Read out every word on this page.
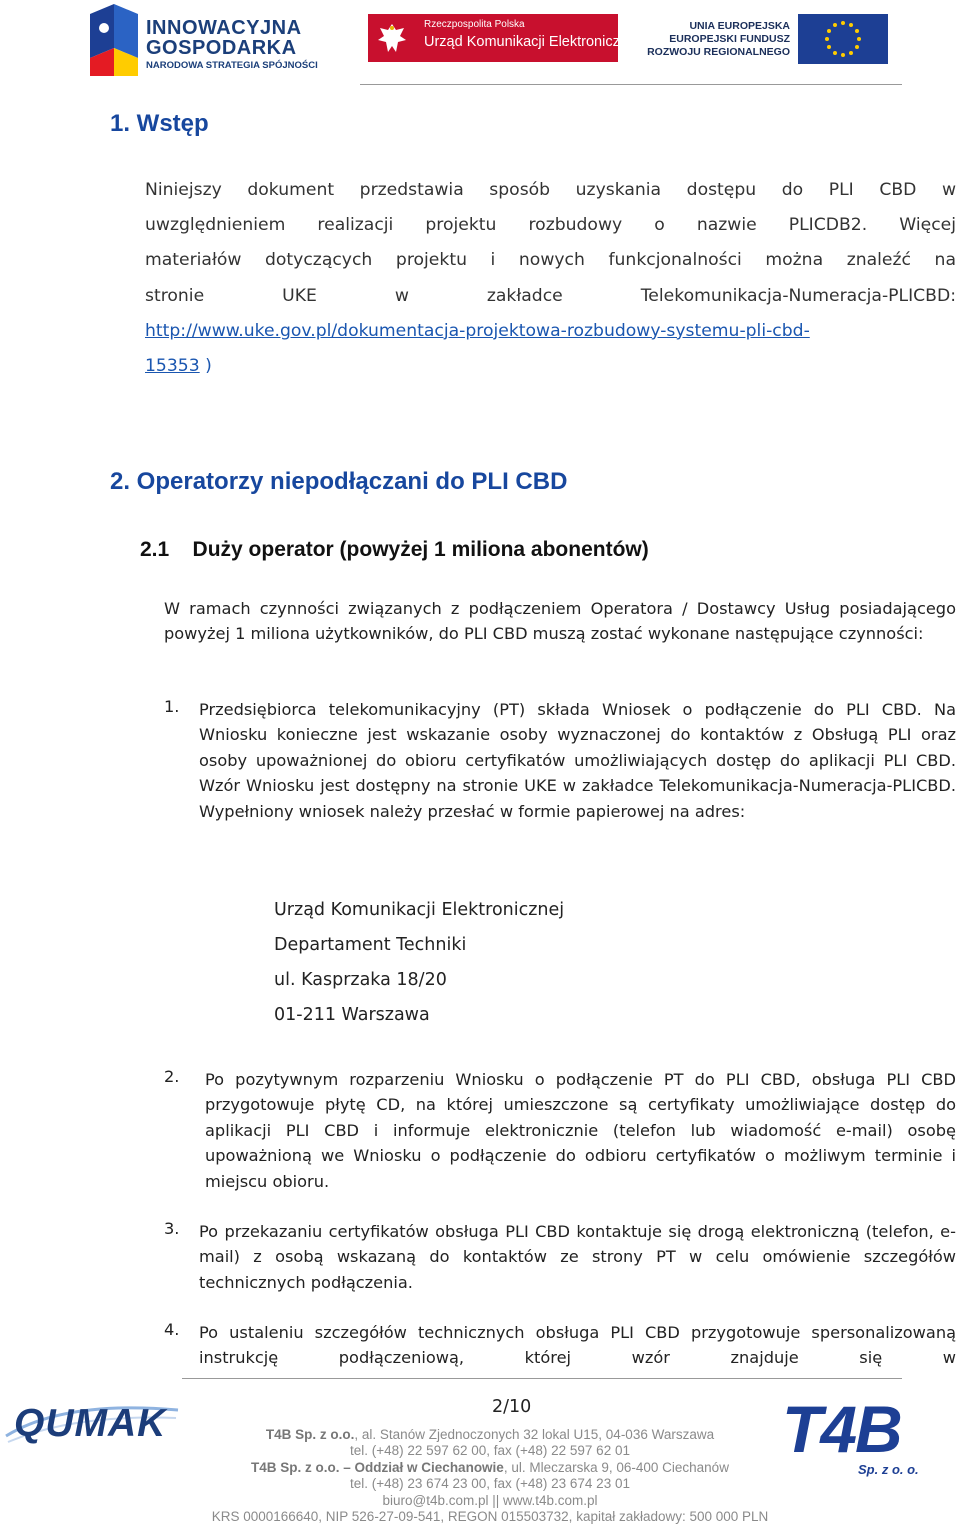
INNOWACYJNA
GOSPODARKA
NARODOWA STRATEGIA SPÓJNOŚCI
Rzeczpospolita Polska
Urząd Komunikacji Elektronicznej
UNIA EUROPEJSKA
EUROPEJSKI FUNDUSZ
ROZWOJU REGIONALNEGO
1. Wstęp
Niniejszy dokument przedstawia sposób uzyskania dostępu do PLI CBD w
uwzględnieniem realizacji projektu rozbudowy o nazwie PLICDB2. Więcej
materiałów dotyczących projektu i nowych funkcjonalności można znaleźć na
stronie UKE w zakładce Telekomunikacja-Numeracja-PLICBD:
http://www.uke.gov.pl/dokumentacja-projektowa-rozbudowy-systemu-pli-cbd-
15353 )
2. Operatorzy niepodłączani do PLI CBD
2.1    Duży operator (powyżej 1 miliona abonentów)
W ramach czynności związanych z podłączeniem Operatora / Dostawcy Usług posiadającego powyżej 1 miliona użytkowników, do PLI CBD muszą zostać wykonane następujące czynności:
1. Przedsiębiorca telekomunikacyjny (PT) składa Wniosek o podłączenie do PLI CBD. Na Wniosku konieczne jest wskazanie osoby wyznaczonej do kontaktów z Obsługą PLI oraz osoby upoważnionej do obioru certyfikatów umożliwiających dostęp do aplikacji PLI CBD. Wzór Wniosku jest dostępny na stronie UKE w zakładce Telekomunikacja-Numeracja-PLICBD. Wypełniony wniosek należy przesłać w formie papierowej na adres:
Urząd Komunikacji Elektronicznej
Departament Techniki
ul. Kasprzaka 18/20
01-211 Warszawa
2. Po pozytywnym rozparzeniu Wniosku o podłączenie PT do PLI CBD, obsługa PLI CBD przygotowuje płytę CD, na której umieszczone są certyfikaty umożliwiające dostęp do aplikacji PLI CBD i informuje elektronicznie (telefon lub wiadomość e-mail) osobę upoważnioną we Wniosku o podłączenie do odbioru certyfikatów o możliwym terminie i miejscu obioru.
3. Po przekazaniu certyfikatów obsługa PLI CBD kontaktuje się drogą elektroniczną (telefon, e-mail) z osobą wskazaną do kontaktów ze strony PT w celu omówienie szczegółów technicznych podłączenia.
4. Po ustaleniu szczegółów technicznych obsługa PLI CBD przygotowuje spersonalizowaną instrukcję podłączeniową, której wzór znajduje się w
2/10
QUMAK	T4B
Sp. z o. o.
T4B Sp. z o.o., al. Stanów Zjednoczonych 32 lokal U15, 04-036 Warszawa
tel. (+48) 22 597 62 00, fax (+48) 22 597 62 01
T4B Sp. z o.o. – Oddział w Ciechanowie, ul. Mleczarska 9, 06-400 Ciechanów
tel. (+48) 23 674 23 00, fax (+48) 23 674 23 01
biuro@t4b.com.pl || www.t4b.com.pl
KRS 0000166640, NIP 526-27-09-541, REGON 015503732, kapitał zakładowy: 500 000 PLN
